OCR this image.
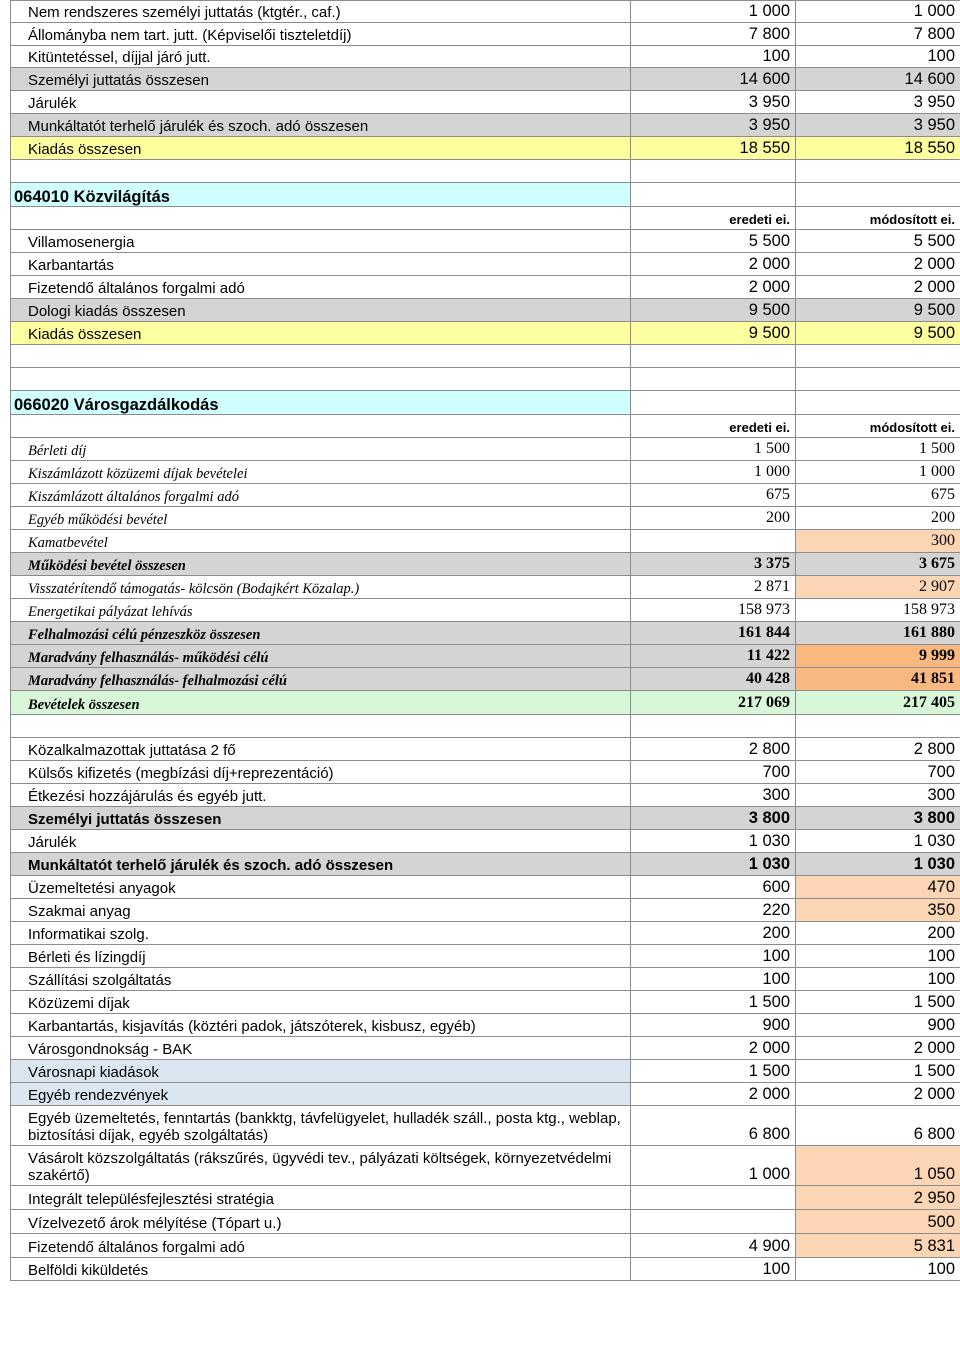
Nem rendszeres személyi juttatás (ktgtér., caf.)	1 000	1 000
Állományba nem tart. jutt. (Képviselői tiszteletdíj)	7 800	7 800
Kitüntetéssel, díjjal járó jutt.	100	100
Személyi juttatás összesen	14 600	14 600
Járulék	3 950	3 950
Munkáltatót terhelő járulék és szoch. adó összesen	3 950	3 950
Kiadás összesen	18 550	18 550

064010 Közvilágítás		
	eredeti ei.	módosított ei.
Villamosenergia	5 500	5 500
Karbantartás	2 000	2 000
Fizetendő általános forgalmi adó	2 000	2 000
Dologi kiadás összesen	9 500	9 500
Kiadás összesen	9 500	9 500

066020 Városgazdálkodás		
	eredeti ei.	módosított ei.
Bérleti díj	1 500	1 500
Kiszámlázott közüzemi díjak bevételei	1 000	1 000
Kiszámlázott általános forgalmi adó	675	675
Egyéb működési bevétel	200	200
Kamatbevétel		300
Működési bevétel összesen	3 375	3 675
Visszatérítendő támogatás- kölcsön (Bodajkért Közalap.)	2 871	2 907
Energetikai pályázat lehívás	158 973	158 973
Felhalmozási célú pénzeszköz összesen	161 844	161 880
Maradvány felhasználás- működési célú	11 422	9 999
Maradvány felhasználás- felhalmozási célú	40 428	41 851
Bevételek összesen	217 069	217 405

Közalkalmazottak juttatása 2 fő	2 800	2 800
Külsős kifizetés (megbízási díj+reprezentáció)	700	700
Étkezési hozzájárulás és egyéb jutt.	300	300
Személyi juttatás összesen	3 800	3 800
Járulék	1 030	1 030
Munkáltatót terhelő járulék és szoch. adó összesen	1 030	1 030
Üzemeltetési anyagok	600	470
Szakmai anyag	220	350
Informatikai szolg.	200	200
Bérleti és lízingdíj	100	100
Szállítási szolgáltatás	100	100
Közüzemi díjak	1 500	1 500
Karbantartás, kisjavítás (köztéri padok, játszóterek, kisbusz, egyéb)	900	900
Városgondnokság - BAK	2 000	2 000
Városnapi kiadások	1 500	1 500
Egyéb rendezvények	2 000	2 000
Egyéb üzemeltetés, fenntartás (bankktg, távfelügyelet, hulladék száll., posta ktg., weblap, biztosítási díjak, egyéb szolgáltatás)	6 800	6 800
Vásárolt közszolgáltatás (rákszűrés, ügyvédi tev., pályázati költségek, környezetvédelmi szakértő)	1 000	1 050
Integrált településfejlesztési stratégia		2 950
Vízelvezető árok mélyítése (Tópart u.)		500
Fizetendő általános forgalmi adó	4 900	5 831
Belföldi kiküldetés	100	100
